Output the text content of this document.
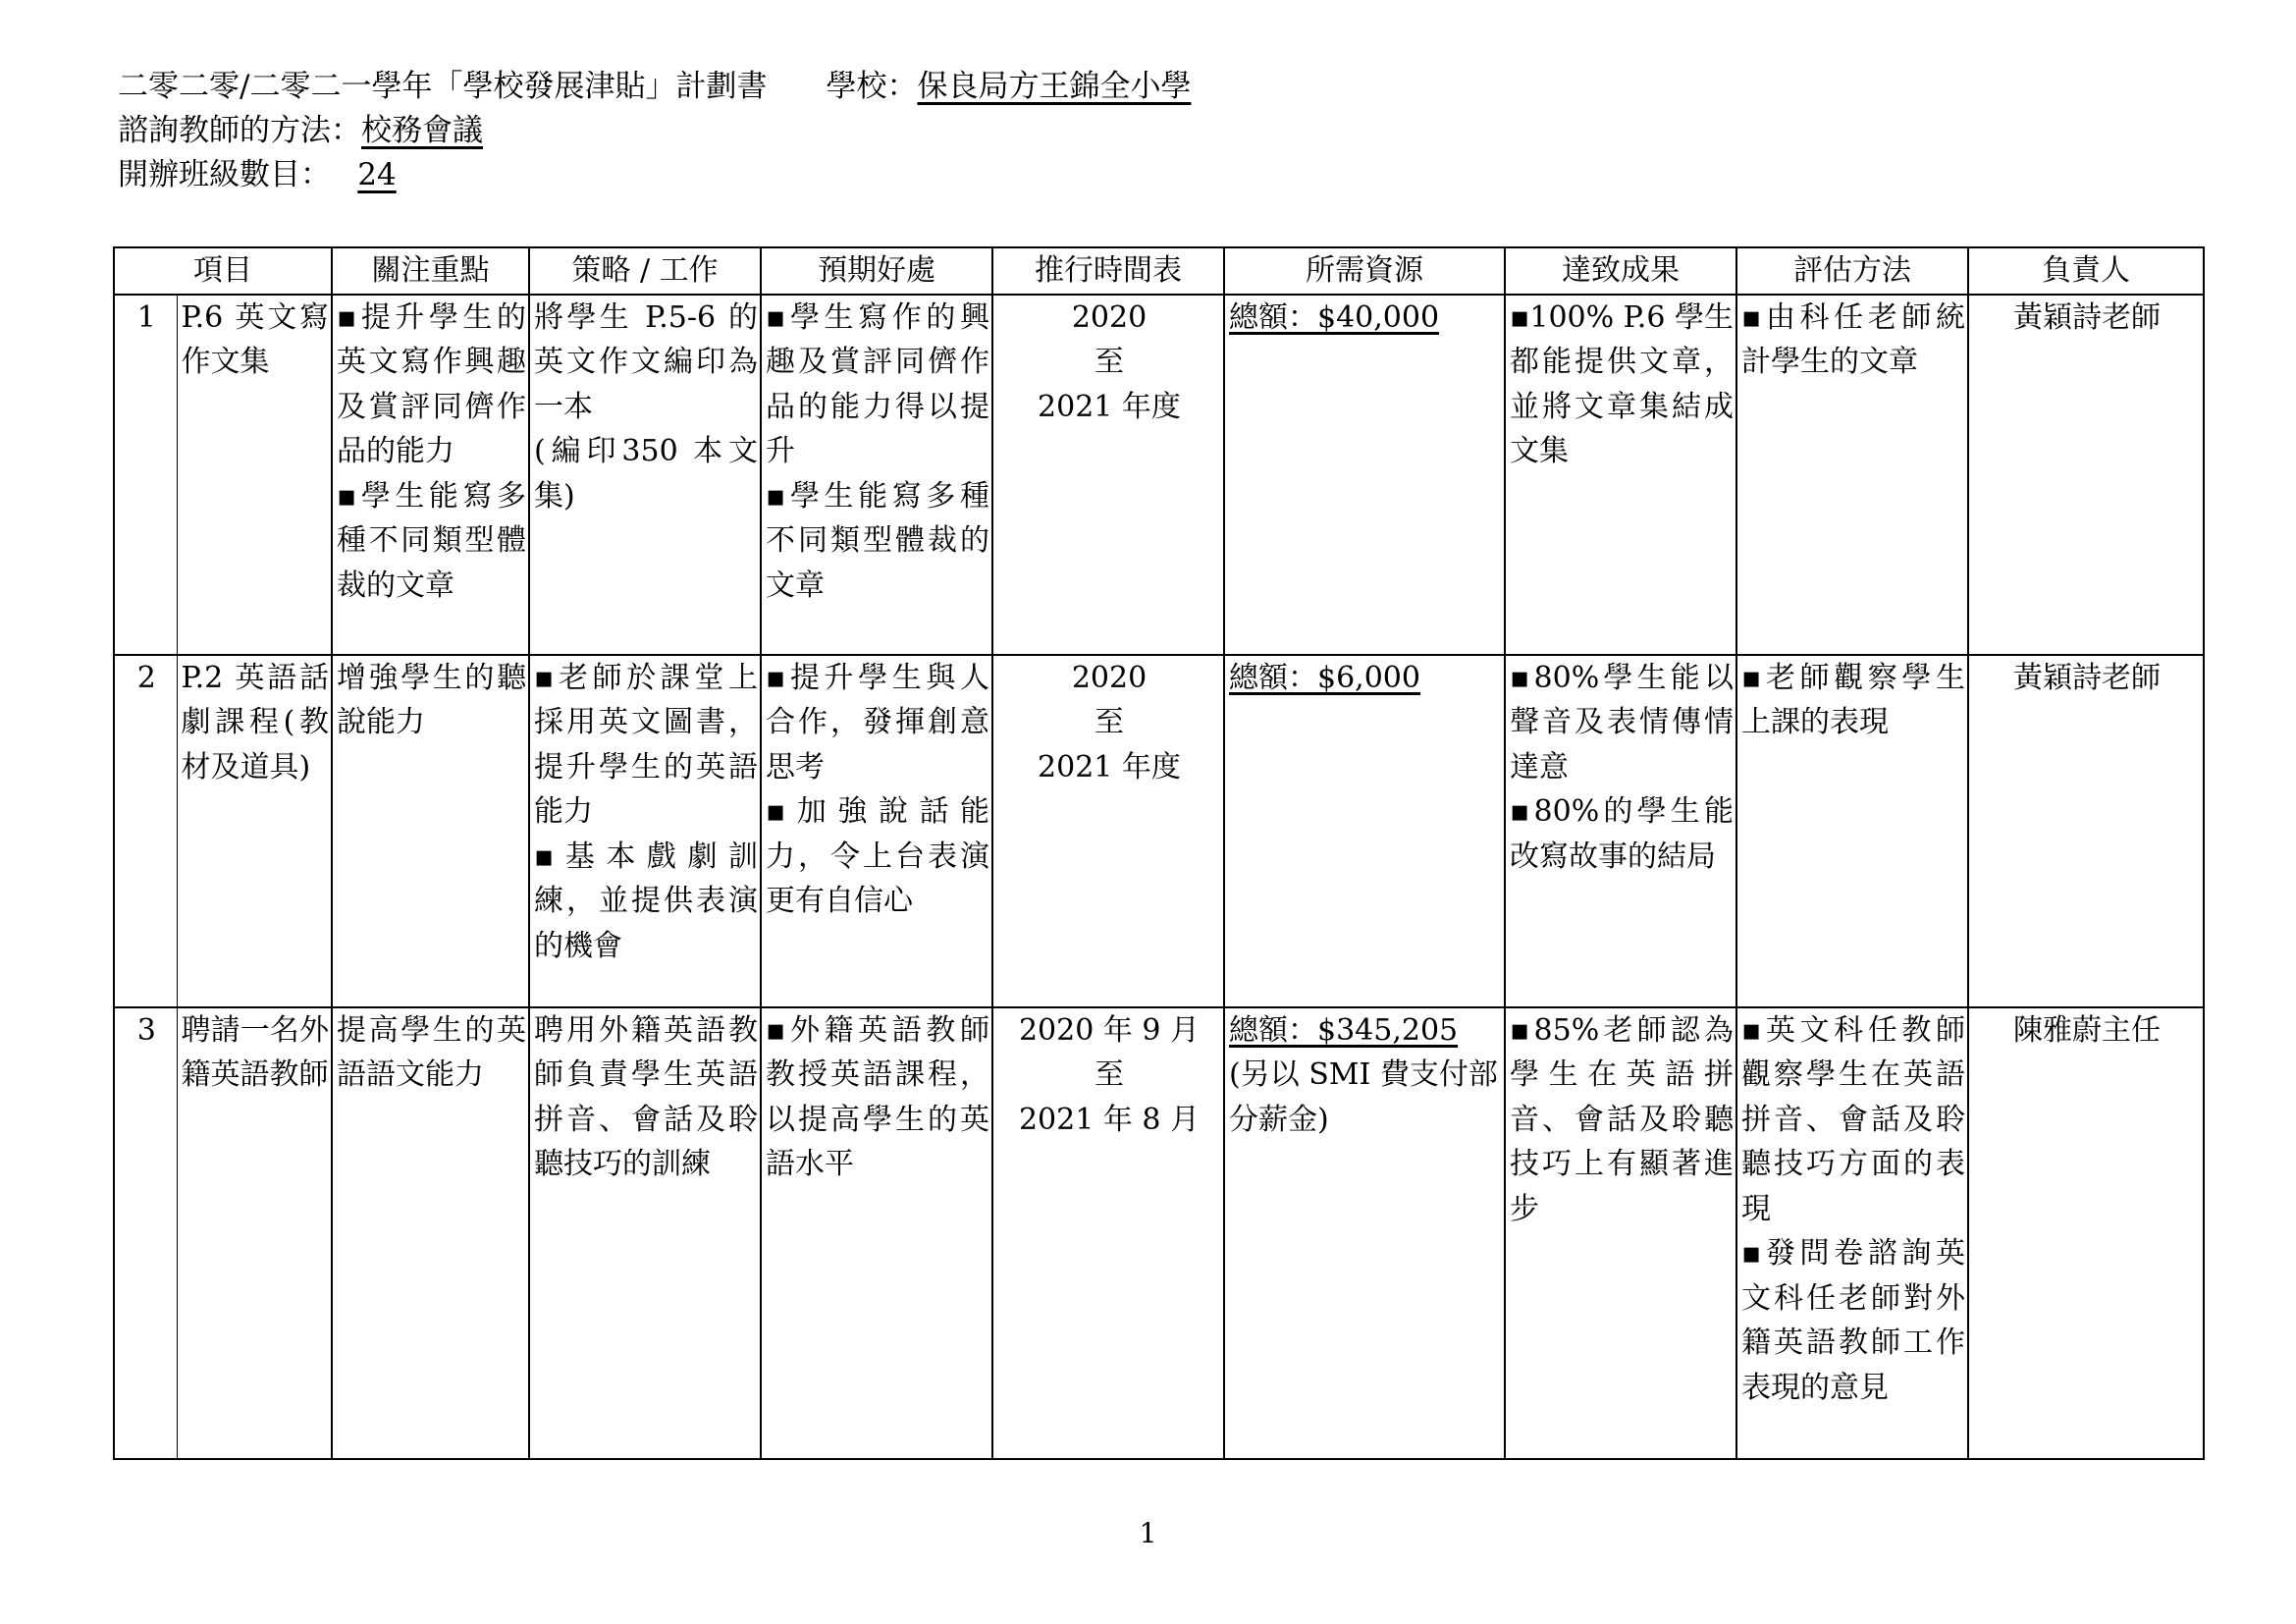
二零二零/二零二一學年「學校發展津貼」計劃書 學校：保良局方王錦全小學
諮詢教師的方法：校務會議
開辦班級數目： 24
項目		關注重點	策略 / 工作	預期好處	推行時間表	所需資源	達致成果	評估方法	負責人
1	P.6 英文寫作文集	▪提升學生的英文寫作興趣及賞評同儕作品的能力
▪學生能寫多種不同類型體裁的文章	將學生 P.5-6 的英文作文編印為一本
(編印350 本文集)	▪學生寫作的興趣及賞評同儕作品的能力得以提升
▪學生能寫多種不同類型體裁的文章	2020
至
2021 年度	總額：$40,000	▪100% P.6 學生都能提供文章，並將文章集結成文集	▪由科任老師統計學生的文章	黃穎詩老師
2	P.2 英語話劇課程(教材及道具)	增強學生的聽說能力	▪老師於課堂上採用英文圖書，提升學生的英語能力
▪基本戲劇訓練，並提供表演的機會	▪提升學生與人合作，發揮創意思考
▪加強說話能力，令上台表演更有自信心	2020
至
2021 年度	總額：$6,000	▪80%學生能以聲音及表情傳情達意
▪80%的學生能改寫故事的結局	▪老師觀察學生上課的表現	黃穎詩老師
3	聘請一名外籍英語教師	提高學生的英語語文能力	聘用外籍英語教師負責學生英語拼音、會話及聆聽技巧的訓練	▪外籍英語教師教授英語課程，以提高學生的英語水平	2020 年 9 月
至
2021 年 8 月	總額：$345,205
(另以 SMI 費支付部分薪金)	▪85%老師認為學生在英語拼音、會話及聆聽技巧上有顯著進步	▪英文科任教師觀察學生在英語拼音、會話及聆聽技巧方面的表現
▪發問卷諮詢英文科任老師對外籍英語教師工作表現的意見	陳雅蔚主任
1
